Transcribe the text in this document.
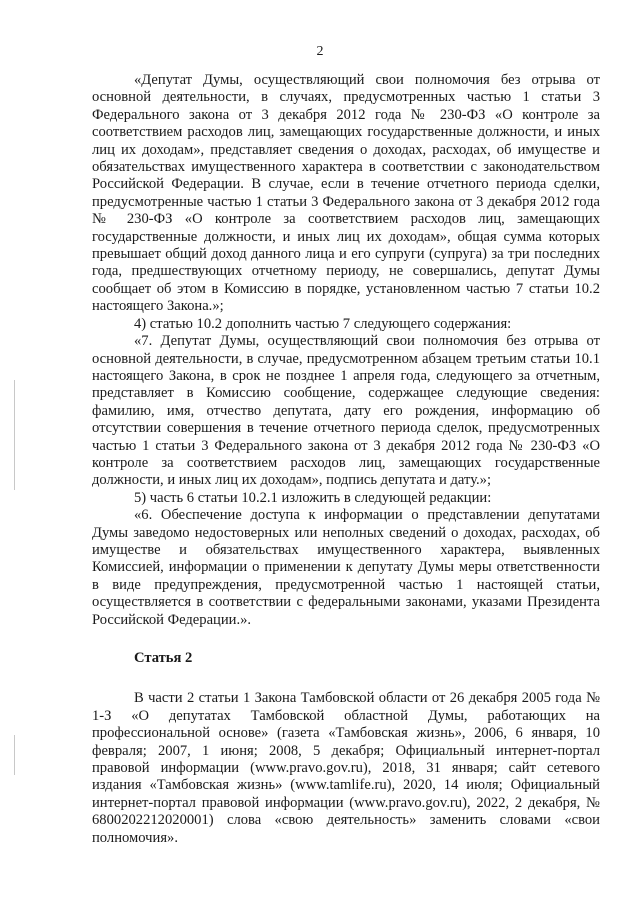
2

«Депутат Думы, осуществляющий свои полномочия без отрыва от основной деятельности, в случаях, предусмотренных частью 1 статьи 3 Федерального закона от 3 декабря 2012 года № 230-ФЗ «О контроле за соответствием расходов лиц, замещающих государственные должности, и иных лиц их доходам», представляет сведения о доходах, расходах, об имуществе и обязательствах имущественного характера в соответствии с законодательством Российской Федерации. В случае, если в течение отчетного периода сделки, предусмотренные частью 1 статьи 3 Федерального закона от 3 декабря 2012 года № 230-ФЗ «О контроле за соответствием расходов лиц, замещающих государственные должности, и иных лиц их доходам», общая сумма которых превышает общий доход данного лица и его супруги (супруга) за три последних года, предшествующих отчетному периоду, не совершались, депутат Думы сообщает об этом в Комиссию в порядке, установленном частью 7 статьи 10.2 настоящего Закона.»;

4) статью 10.2 дополнить частью 7 следующего содержания:

«7. Депутат Думы, осуществляющий свои полномочия без отрыва от основной деятельности, в случае, предусмотренном абзацем третьим статьи 10.1 настоящего Закона, в срок не позднее 1 апреля года, следующего за отчетным, представляет в Комиссию сообщение, содержащее следующие сведения: фамилию, имя, отчество депутата, дату его рождения, информацию об отсутствии совершения в течение отчетного периода сделок, предусмотренных частью 1 статьи 3 Федерального закона от 3 декабря 2012 года № 230-ФЗ «О контроле за соответствием расходов лиц, замещающих государственные должности, и иных лиц их доходам», подпись депутата и дату.»;

5) часть 6 статьи 10.2.1 изложить в следующей редакции:

«6. Обеспечение доступа к информации о представлении депутатами Думы заведомо недостоверных или неполных сведений о доходах, расходах, об имуществе и обязательствах имущественного характера, выявленных Комиссией, информации о применении к депутату Думы меры ответственности в виде предупреждения, предусмотренной частью 1 настоящей статьи, осуществляется в соответствии с федеральными законами, указами Президента Российской Федерации.».

Статья 2

В части 2 статьи 1 Закона Тамбовской области от 26 декабря 2005 года № 1-З «О депутатах Тамбовской областной Думы, работающих на профессиональной основе» (газета «Тамбовская жизнь», 2006, 6 января, 10 февраля; 2007, 1 июня; 2008, 5 декабря; Официальный интернет-портал правовой информации (www.pravo.gov.ru), 2018, 31 января; сайт сетевого издания «Тамбовская жизнь» (www.tamlife.ru), 2020, 14 июля; Официальный интернет-портал правовой информации (www.pravo.gov.ru), 2022, 2 декабря, № 6800202212020001) слова «свою деятельность» заменить словами «свои полномочия».
